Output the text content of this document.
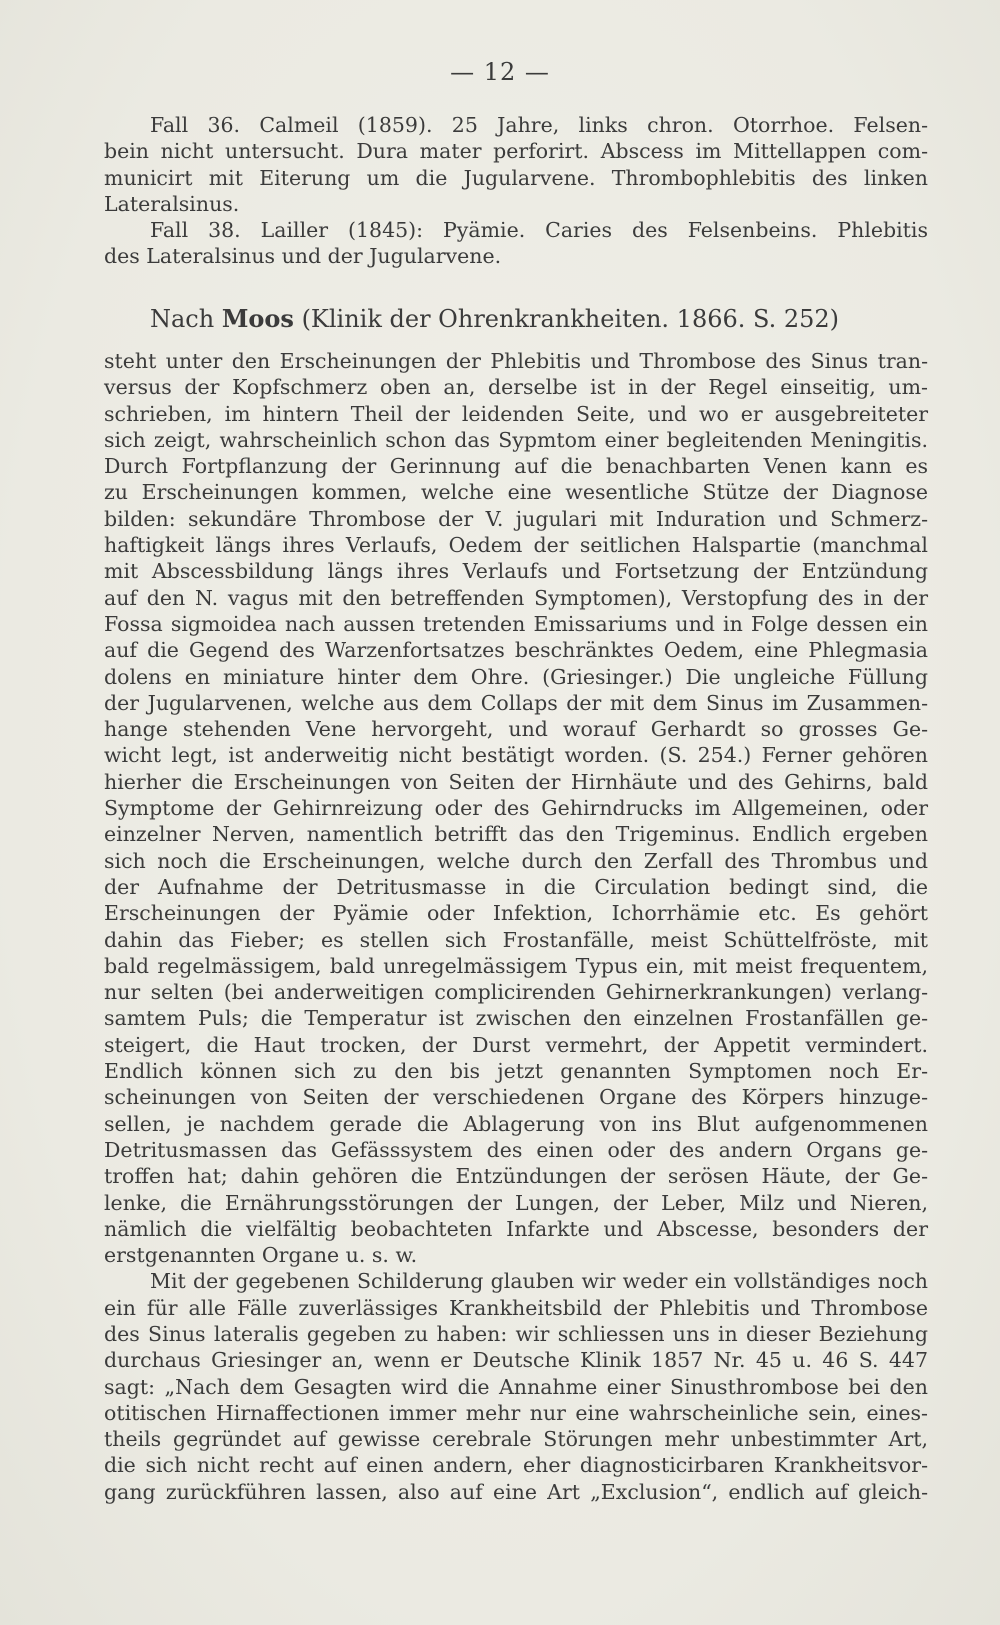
— 12 —
Fall 36. Calmeil (1859). 25 Jahre, links chron. Otorrhoe. Felsen-
bein nicht untersucht. Dura mater perforirt. Abscess im Mittellappen com-
municirt mit Eiterung um die Jugularvene. Thrombophlebitis des linken
Lateralsinus.
Fall 38. Lailler (1845): Pyämie. Caries des Felsenbeins. Phlebitis
des Lateralsinus und der Jugularvene.
Nach Moos (Klinik der Ohrenkrankheiten. 1866. S. 252)
steht unter den Erscheinungen der Phlebitis und Thrombose des Sinus tran-
versus der Kopfschmerz oben an, derselbe ist in der Regel einseitig, um-
schrieben, im hintern Theil der leidenden Seite, und wo er ausgebreiteter
sich zeigt, wahrscheinlich schon das Sypmtom einer begleitenden Meningitis.
Durch Fortpflanzung der Gerinnung auf die benachbarten Venen kann es
zu Erscheinungen kommen, welche eine wesentliche Stütze der Diagnose
bilden: sekundäre Thrombose der V. jugulari mit Induration und Schmerz-
haftigkeit längs ihres Verlaufs, Oedem der seitlichen Halspartie (manchmal
mit Abscessbildung längs ihres Verlaufs und Fortsetzung der Entzündung
auf den N. vagus mit den betreffenden Symptomen), Verstopfung des in der
Fossa sigmoidea nach aussen tretenden Emissariums und in Folge dessen ein
auf die Gegend des Warzenfortsatzes beschränktes Oedem, eine Phlegmasia
dolens en miniature hinter dem Ohre. (Griesinger.) Die ungleiche Füllung
der Jugularvenen, welche aus dem Collaps der mit dem Sinus im Zusammen-
hange stehenden Vene hervorgeht, und worauf Gerhardt so grosses Ge-
wicht legt, ist anderweitig nicht bestätigt worden. (S. 254.) Ferner gehören
hierher die Erscheinungen von Seiten der Hirnhäute und des Gehirns, bald
Symptome der Gehirnreizung oder des Gehirndrucks im Allgemeinen, oder
einzelner Nerven, namentlich betrifft das den Trigeminus. Endlich ergeben
sich noch die Erscheinungen, welche durch den Zerfall des Thrombus und
der Aufnahme der Detritusmasse in die Circulation bedingt sind, die
Erscheinungen der Pyämie oder Infektion, Ichorrhämie etc. Es gehört
dahin das Fieber; es stellen sich Frostanfälle, meist Schüttelfröste, mit
bald regelmässigem, bald unregelmässigem Typus ein, mit meist frequentem,
nur selten (bei anderweitigen complicirenden Gehirnerkrankungen) verlang-
samtem Puls; die Temperatur ist zwischen den einzelnen Frostanfällen ge-
steigert, die Haut trocken, der Durst vermehrt, der Appetit vermindert.
Endlich können sich zu den bis jetzt genannten Symptomen noch Er-
scheinungen von Seiten der verschiedenen Organe des Körpers hinzuge-
sellen, je nachdem gerade die Ablagerung von ins Blut aufgenommenen
Detritusmassen das Gefässsystem des einen oder des andern Organs ge-
troffen hat; dahin gehören die Entzündungen der serösen Häute, der Ge-
lenke, die Ernährungsstörungen der Lungen, der Leber, Milz und Nieren,
nämlich die vielfältig beobachteten Infarkte und Abscesse, besonders der
erstgenannten Organe u. s. w.
Mit der gegebenen Schilderung glauben wir weder ein vollständiges noch
ein für alle Fälle zuverlässiges Krankheitsbild der Phlebitis und Thrombose
des Sinus lateralis gegeben zu haben: wir schliessen uns in dieser Beziehung
durchaus Griesinger an, wenn er Deutsche Klinik 1857 Nr. 45 u. 46 S. 447
sagt: „Nach dem Gesagten wird die Annahme einer Sinusthrombose bei den
otitischen Hirnaffectionen immer mehr nur eine wahrscheinliche sein, eines-
theils gegründet auf gewisse cerebrale Störungen mehr unbestimmter Art,
die sich nicht recht auf einen andern, eher diagnosticirbaren Krankheitsvor-
gang zurückführen lassen, also auf eine Art „Exclusion“, endlich auf gleich-
